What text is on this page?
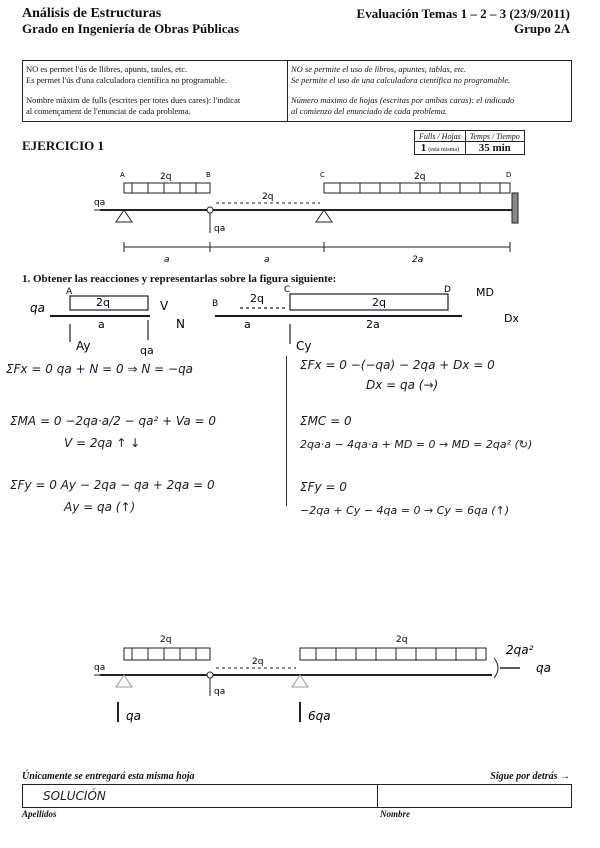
Análisis de Estructuras
Grado en Ingeniería de Obras Públicas
Evaluación Temas 1 – 2 – 3 (23/9/2011)
Grupo 2A
NO es permet l'ús de llibres, apunts, taules, etc.
Es permet l'ús d'una calculadora científica no programable.
Nombre màxim de fulls (escrites per totes dues cares): l'indicat
al començament de l'enunciat de cada problema.
NO se permite el uso de libros, apuntes, tablas, etc.
Se permite el uso de una calculadora científica no programable.
Número máximo de hojas (escritas por ambas caras): el indicado
al comienzo del enunciado de cada problema.
EJERCICIO 1
Fulls / Hojas	Temps / Tiempo
1 (esta misma)	35 min
2q
2q
2q
qa
qa
A	B	C	D
a	a	2a
1. Obtener las reacciones y representarlas sobre la figura siguiente:
qa	2q	2q	2q
Ay	Cy
qa
V
N
MD
Dx
a	a	2a
A
B
C	D
ΣFx = 0 qa + N = 0 ⇒ N = −qa
ΣMA = 0 −2qa·a/2 − qa² + Va = 0
V = 2qa ↑ ↓
ΣFy = 0 Ay − 2qa − qa + 2qa = 0
Ay = qa (↑)
ΣFx = 0 −(−qa) − 2qa + Dx = 0
Dx = qa (→)
ΣMC = 0
2qa·a − 4qa·a + MD = 0 → MD = 2qa² (↻)
ΣFy = 0
−2qa + Cy − 4qa = 0 → Cy = 6qa (↑)
2q
2q
2q
qa
qa
2qa²
qa
qa	6qa
Únicamente se entregará esta misma hoja	Sigue por detrás →
SOLUCIÓN
Apellidos	Nombre
